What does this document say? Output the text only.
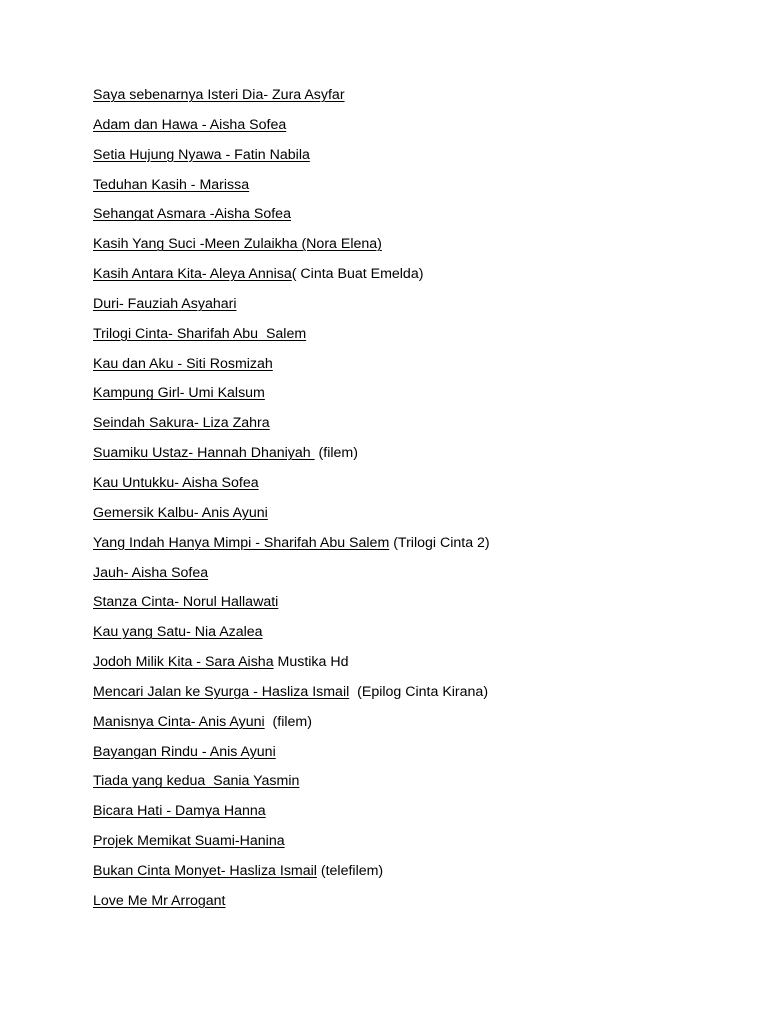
Saya sebenarnya Isteri Dia- Zura Asyfar
Adam dan Hawa - Aisha Sofea
Setia Hujung Nyawa - Fatin Nabila
Teduhan Kasih - Marissa
Sehangat Asmara -Aisha Sofea
Kasih Yang Suci -Meen Zulaikha (Nora Elena)
Kasih Antara Kita- Aleya Annisa( Cinta Buat Emelda)
Duri- Fauziah Asyahari
Trilogi Cinta- Sharifah Abu  Salem
Kau dan Aku - Siti Rosmizah
Kampung Girl- Umi Kalsum
Seindah Sakura- Liza Zahra
Suamiku Ustaz- Hannah Dhaniyah  (filem)
Kau Untukku- Aisha Sofea
Gemersik Kalbu- Anis Ayuni
Yang Indah Hanya Mimpi - Sharifah Abu Salem (Trilogi Cinta 2)
Jauh- Aisha Sofea
Stanza Cinta- Norul Hallawati
Kau yang Satu- Nia Azalea
Jodoh Milik Kita - Sara Aisha Mustika Hd
Mencari Jalan ke Syurga - Hasliza Ismail  (Epilog Cinta Kirana)
Manisnya Cinta- Anis Ayuni  (filem)
Bayangan Rindu - Anis Ayuni
Tiada yang kedua  Sania Yasmin
Bicara Hati - Damya Hanna
Projek Memikat Suami-Hanina
Bukan Cinta Monyet- Hasliza Ismail (telefilem)
Love Me Mr Arrogant
